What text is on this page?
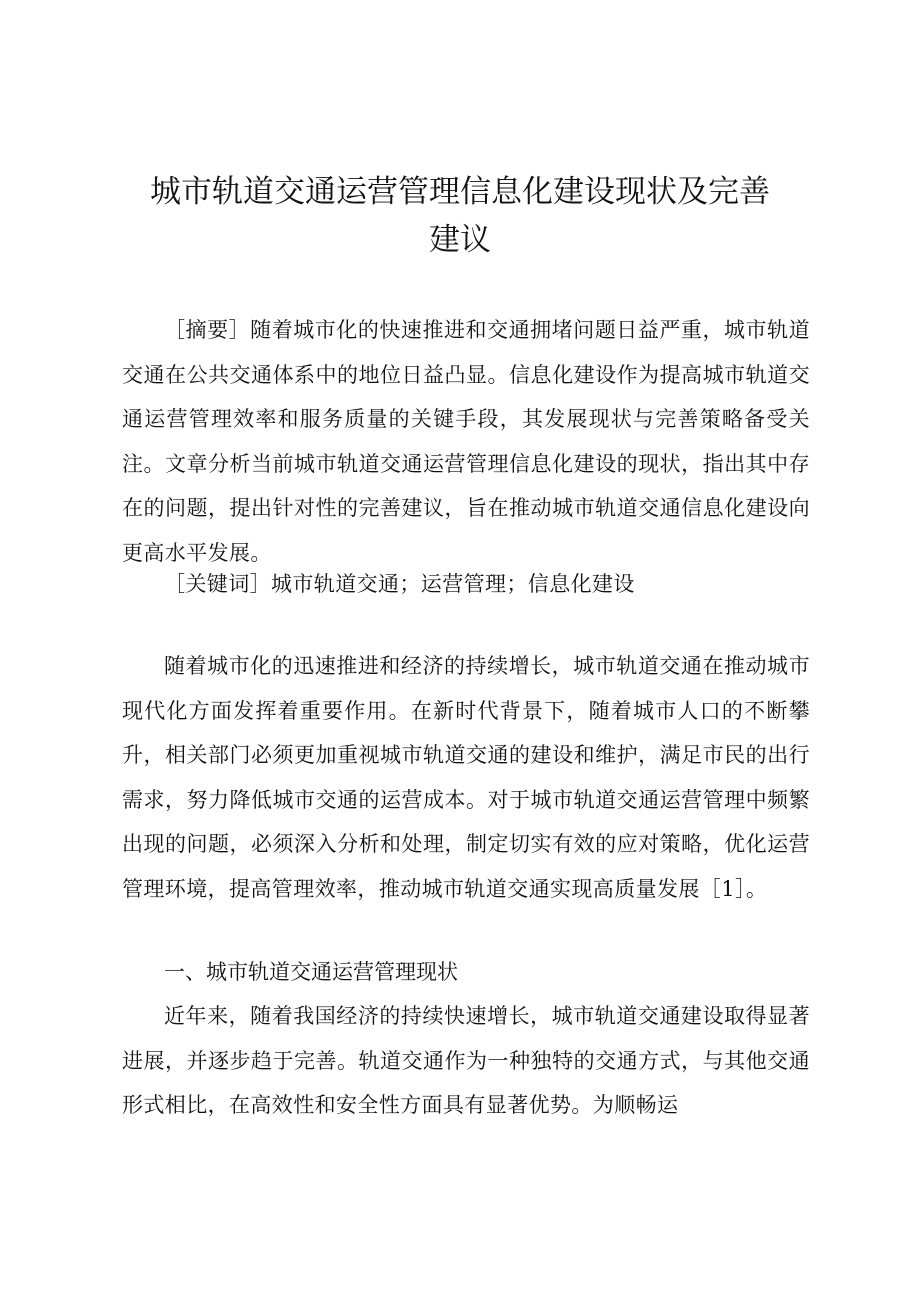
城市轨道交通运营管理信息化建设现状及完善
建议

［摘要］随着城市化的快速推进和交通拥堵问题日益严重，城市轨道交通在公共交通体系中的地位日益凸显。信息化建设作为提高城市轨道交通运营管理效率和服务质量的关键手段，其发展现状与完善策略备受关注。文章分析当前城市轨道交通运营管理信息化建设的现状，指出其中存在的问题，提出针对性的完善建议，旨在推动城市轨道交通信息化建设向更高水平发展。

［关键词］城市轨道交通；运营管理；信息化建设

随着城市化的迅速推进和经济的持续增长，城市轨道交通在推动城市现代化方面发挥着重要作用。在新时代背景下，随着城市人口的不断攀升，相关部门必须更加重视城市轨道交通的建设和维护，满足市民的出行需求，努力降低城市交通的运营成本。对于城市轨道交通运营管理中频繁出现的问题，必须深入分析和处理，制定切实有效的应对策略，优化运营管理环境，提高管理效率，推动城市轨道交通实现高质量发展［1］。

一、城市轨道交通运营管理现状

近年来，随着我国经济的持续快速增长，城市轨道交通建设取得显著进展，并逐步趋于完善。轨道交通作为一种独特的交通方式，与其他交通形式相比，在高效性和安全性方面具有显著优势。为顺畅运
